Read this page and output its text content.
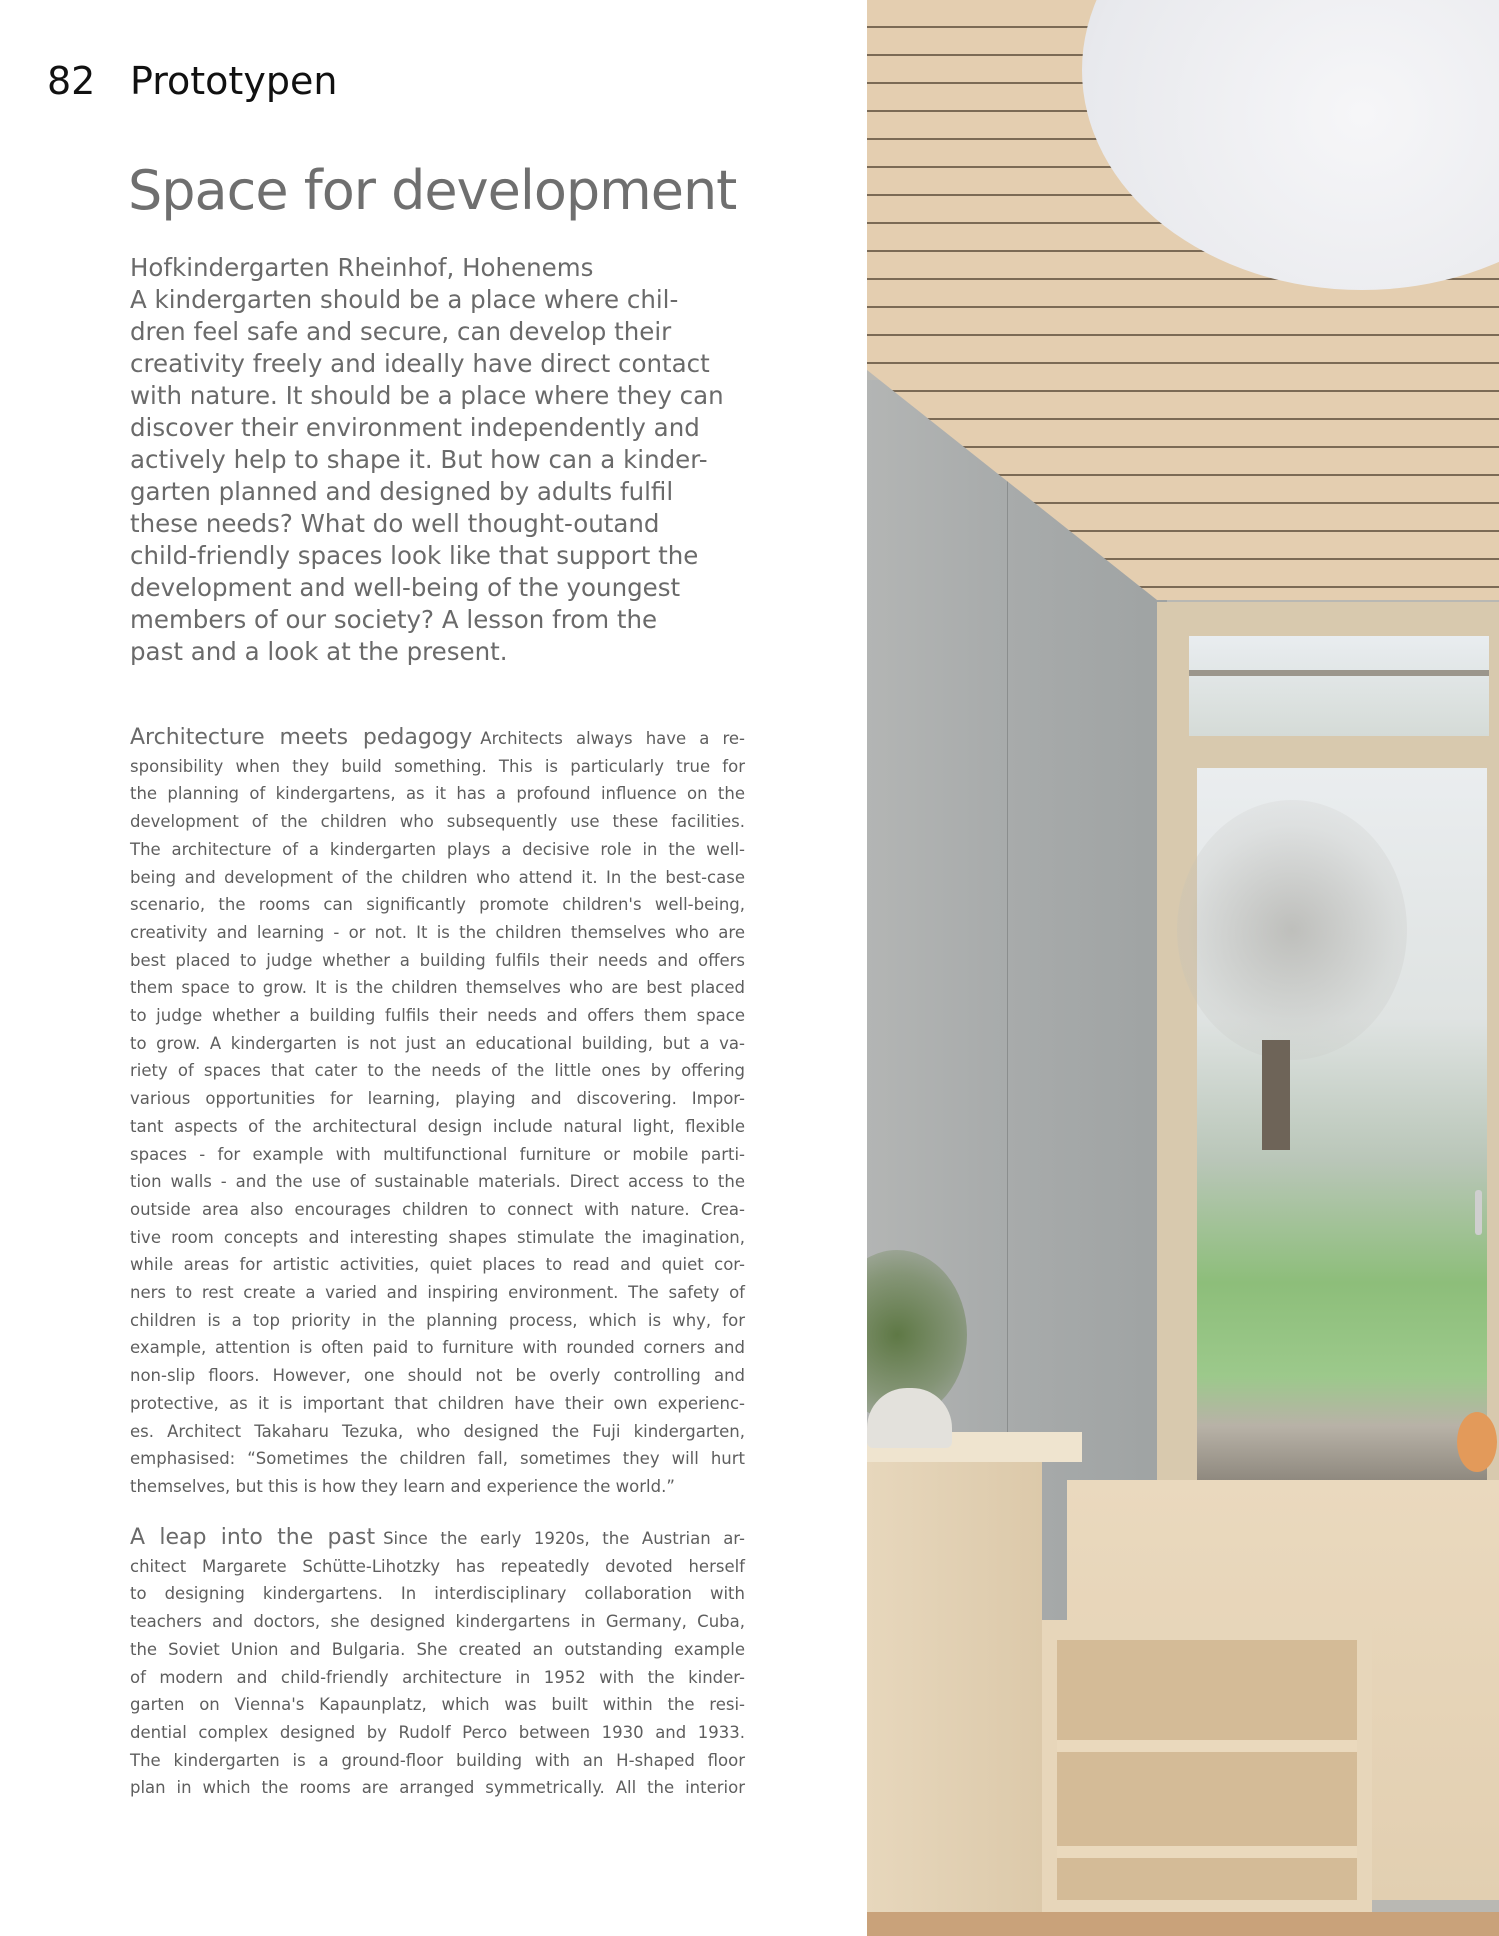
82 Prototypen
Space for development

Hofkindergarten Rheinhof, Hohenems
A kindergarten should be a place where chil-
dren feel safe and secure, can develop their
creativity freely and ideally have direct contact
with nature. It should be a place where they can
discover their environment independently and
actively help to shape it. But how can a kinder-
garten planned and designed by adults fulfil
these needs? What do well thought-outand
child-friendly spaces look like that support the
development and well-being of the youngest
members of our society? A lesson from the
past and a look at the present.

Architecture meets pedagogy Architects always have a re-
sponsibility when they build something. This is particularly true for
the planning of kindergartens, as it has a profound influence on the
development of the children who subsequently use these facilities.
The architecture of a kindergarten plays a decisive role in the well-
being and development of the children who attend it. In the best-case
scenario, the rooms can significantly promote children's well-being,
creativity and learning - or not. It is the children themselves who are
best placed to judge whether a building fulfils their needs and offers
them space to grow. It is the children themselves who are best placed
to judge whether a building fulfils their needs and offers them space
to grow. A kindergarten is not just an educational building, but a va-
riety of spaces that cater to the needs of the little ones by offering
various opportunities for learning, playing and discovering. Impor-
tant aspects of the architectural design include natural light, flexible
spaces - for example with multifunctional furniture or mobile parti-
tion walls - and the use of sustainable materials. Direct access to the
outside area also encourages children to connect with nature. Crea-
tive room concepts and interesting shapes stimulate the imagination,
while areas for artistic activities, quiet places to read and quiet cor-
ners to rest create a varied and inspiring environment. The safety of
children is a top priority in the planning process, which is why, for
example, attention is often paid to furniture with rounded corners and
non-slip floors. However, one should not be overly controlling and
protective, as it is important that children have their own experienc-
es. Architect Takaharu Tezuka, who designed the Fuji kindergarten,
emphasised: “Sometimes the children fall, sometimes they will hurt
themselves, but this is how they learn and experience the world.”
A leap into the past Since the early 1920s, the Austrian ar-
chitect Margarete Schütte-Lihotzky has repeatedly devoted herself
to designing kindergartens. In interdisciplinary collaboration with
teachers and doctors, she designed kindergartens in Germany, Cuba,
the Soviet Union and Bulgaria. She created an outstanding example
of modern and child-friendly architecture in 1952 with the kinder-
garten on Vienna's Kapaunplatz, which was built within the resi-
dential complex designed by Rudolf Perco between 1930 and 1933.
The kindergarten is a ground-floor building with an H-shaped floor
plan in which the rooms are arranged symmetrically. All the interior
